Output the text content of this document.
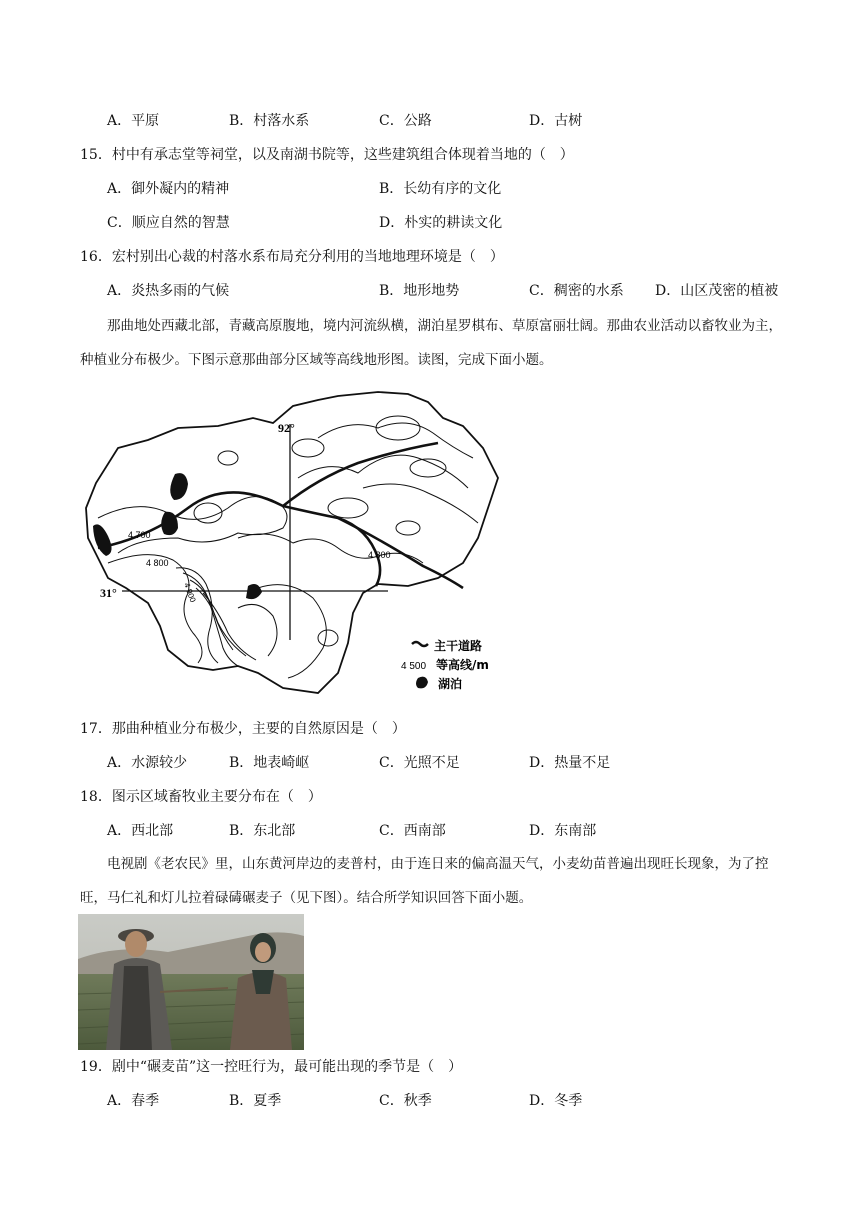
A．平原	B．村落水系	C．公路	D．古树
15．村中有承志堂等祠堂，以及南湖书院等，这些建筑组合体现着当地的（　）
A．御外凝内的精神	B．长幼有序的文化
C．顺应自然的智慧	D．朴实的耕读文化
16．宏村别出心裁的村落水系布局充分利用的当地地理环境是（　）
A．炎热多雨的气候	B．地形地势	C．稠密的水系 D．山区茂密的植被
那曲地处西藏北部，青藏高原腹地，境内河流纵横，湖泊星罗棋布、草原富丽壮阔。那曲农业活动以畜牧业为主，种植业分布极少。下图示意那曲部分区域等高线地形图。读图，完成下面小题。
92°
31°
4 700
4 800
4 800
4 900
主干道路
4 500 等高线/m
湖泊
17．那曲种植业分布极少，主要的自然原因是（　）
A．水源较少	B．地表崎岖	C．光照不足	D．热量不足
18．图示区域畜牧业主要分布在（　）
A．西北部	B．东北部	C．西南部	D．东南部
电视剧《老农民》里，山东黄河岸边的麦普村，由于连日来的偏高温天气，小麦幼苗普遍出现旺长现象，为了控旺，马仁礼和灯儿拉着碌碡碾麦子（见下图）。结合所学知识回答下面小题。
19．剧中“碾麦苗”这一控旺行为，最可能出现的季节是（　）
A．春季	B．夏季	C．秋季	D．冬季
